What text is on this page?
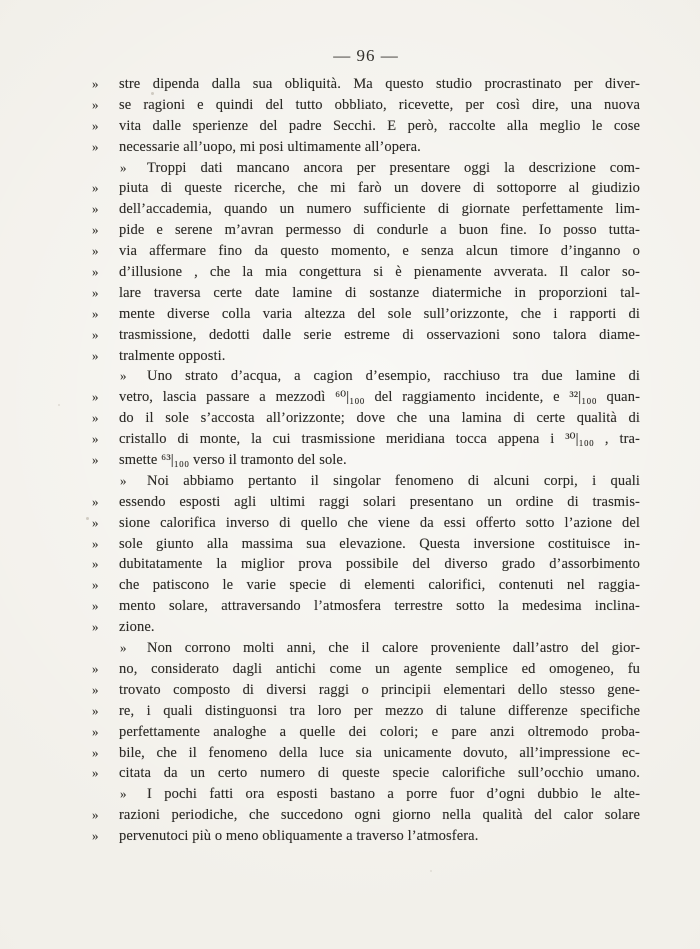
— 96 —
»	stre dipenda dalla sua obliquità. Ma questo studio procrastinato per diver-
»	se ragioni e quindi del tutto obbliato, ricevette, per così dire, una nuova
»	vita dalle sperienze del padre Secchi. E però, raccolte alla meglio le cose
»	necessarie all’uopo, mi posi ultimamente all’opera.
»	Troppi dati mancano ancora per presentare oggi la descrizione com-
»	piuta di queste ricerche, che mi farò un dovere di sottoporre al giudizio
»	dell’accademia, quando un numero sufficiente di giornate perfettamente lim-
»	pide e serene m’avran permesso di condurle a buon fine. Io posso tutta-
»	via affermare fino da questo momento, e senza alcun timore d’inganno o
»	d’illusione , che la mia congettura si è pienamente avverata. Il calor so-
»	lare traversa certe date lamine di sostanze diatermiche in proporzioni tal-
»	mente diverse colla varia altezza del sole sull’orizzonte, che i rapporti di
»	trasmissione, dedotti dalle serie estreme di osservazioni sono talora diame-
»	tralmente opposti.
»	Uno strato d’acqua, a cagion d’esempio, racchiuso tra due lamine di
»	vetro, lascia passare a mezzodì ⁶⁰|₁₀₀ del raggiamento incidente, e ³²|₁₀₀ quan-
»	do il sole s’accosta all’orizzonte; dove che una lamina di certe qualità di
»	cristallo di monte, la cui trasmissione meridiana tocca appena i ³⁰|₁₀₀ , tra-
»	smette ⁶³|₁₀₀ verso il tramonto del sole.
»	Noi abbiamo pertanto il singolar fenomeno di alcuni corpi, i quali
»	essendo esposti agli ultimi raggi solari presentano un ordine di trasmis-
»	sione calorifica inverso di quello che viene da essi offerto sotto l’azione del
»	sole giunto alla massima sua elevazione. Questa inversione costituisce in-
»	dubitatamente la miglior prova possibile del diverso grado d’assorbimento
»	che patiscono le varie specie di elementi calorifici, contenuti nel raggia-
»	mento solare, attraversando l’atmosfera terrestre sotto la medesima inclina-
»	zione.
»	Non corrono molti anni, che il calore proveniente dall’astro del gior-
»	no, considerato dagli antichi come un agente semplice ed omogeneo, fu
»	trovato composto di diversi raggi o principii elementari dello stesso gene-
»	re, i quali distinguonsi tra loro per mezzo di talune differenze specifiche
»	perfettamente analoghe a quelle dei colori; e pare anzi oltremodo proba-
»	bile, che il fenomeno della luce sia unicamente dovuto, all’impressione ec-
»	citata da un certo numero di queste specie calorifiche sull’occhio umano.
»	I pochi fatti ora esposti bastano a porre fuor d’ogni dubbio le alte-
»	razioni periodiche, che succedono ogni giorno nella qualità del calor solare
»	pervenutoci più o meno obliquamente a traverso l’atmosfera.
